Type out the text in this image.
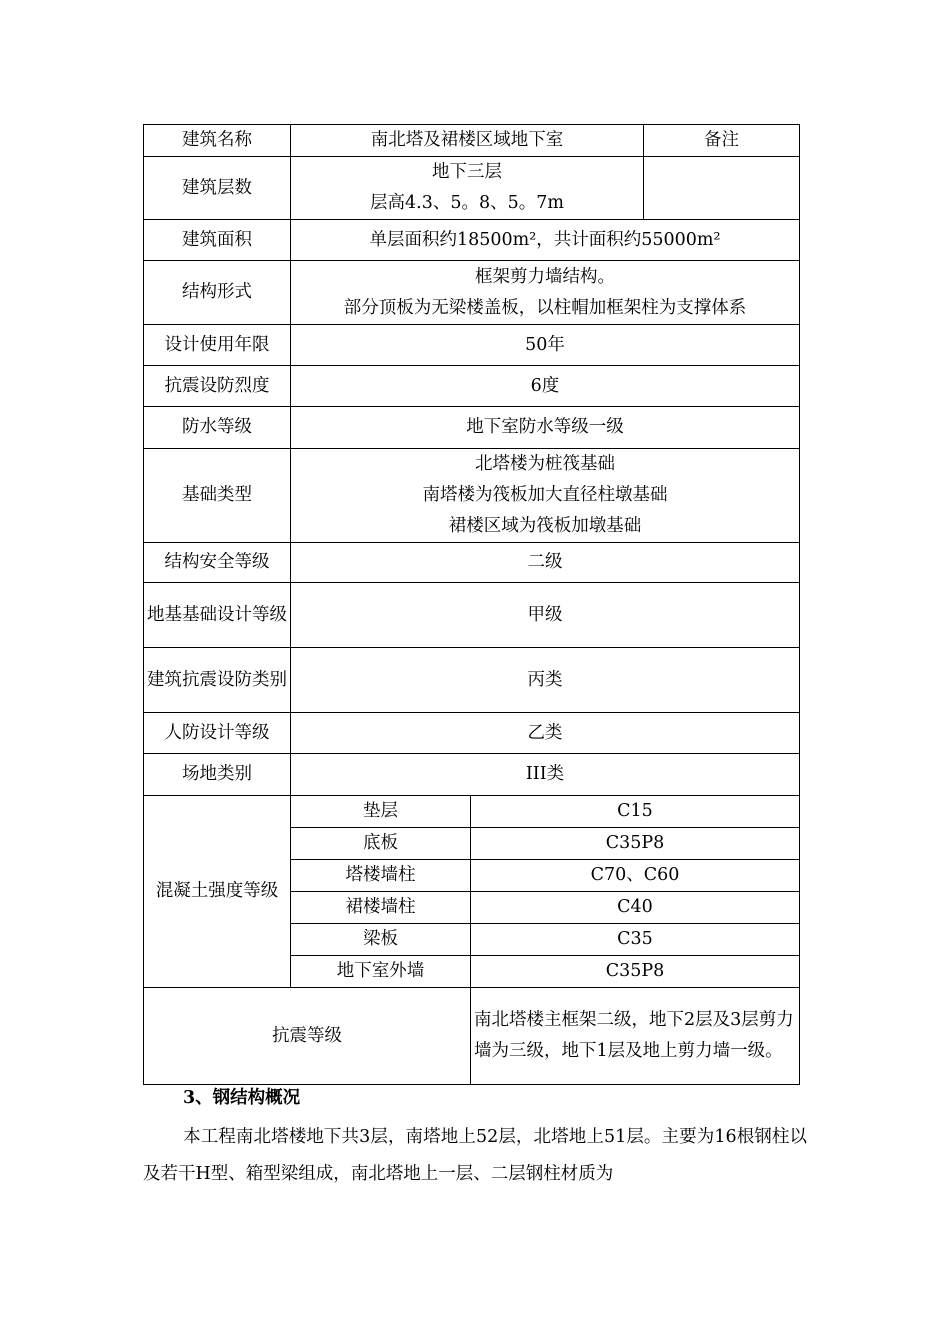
建筑名称	南北塔及裙楼区域地下室		备注
建筑层数	地下三层
层高4.3、5。8、5。7m		

建筑面积	单层面积约18500m²，共计面积约55000m²		
结构形式	框架剪力墙结构。
部分顶板为无梁楼盖板，以柱帽加框架柱为支撑体系		

设计使用年限	50年		
抗震设防烈度	6度		
防水等级	地下室防水等级一级		
基础类型	北塔楼为桩筏基础
南塔楼为筏板加大直径柱墩基础
裙楼区域为筏板加墩基础		

结构安全等级	二级		
地基基础设计等级	甲级		
建筑抗震设防类别	丙类		
人防设计等级	乙类		
场地类别	III类		
混凝土强度等级	垫层	C15	
	底板	C35P8	
	塔楼墙柱	C70、C60	
	裙楼墙柱	C40	
	梁板	C35	
	地下室外墙	C35P8	
抗震等级		南北塔楼主框架二级，地下2层及3层剪力墙为三级，地下1层及地上剪力墙一级。	
3、钢结构概况

本工程南北塔楼地下共3层，南塔地上52层，北塔地上51层。主要为16根钢柱以及若干H型、箱型梁组成，南北塔地上一层、二层钢柱材质为
